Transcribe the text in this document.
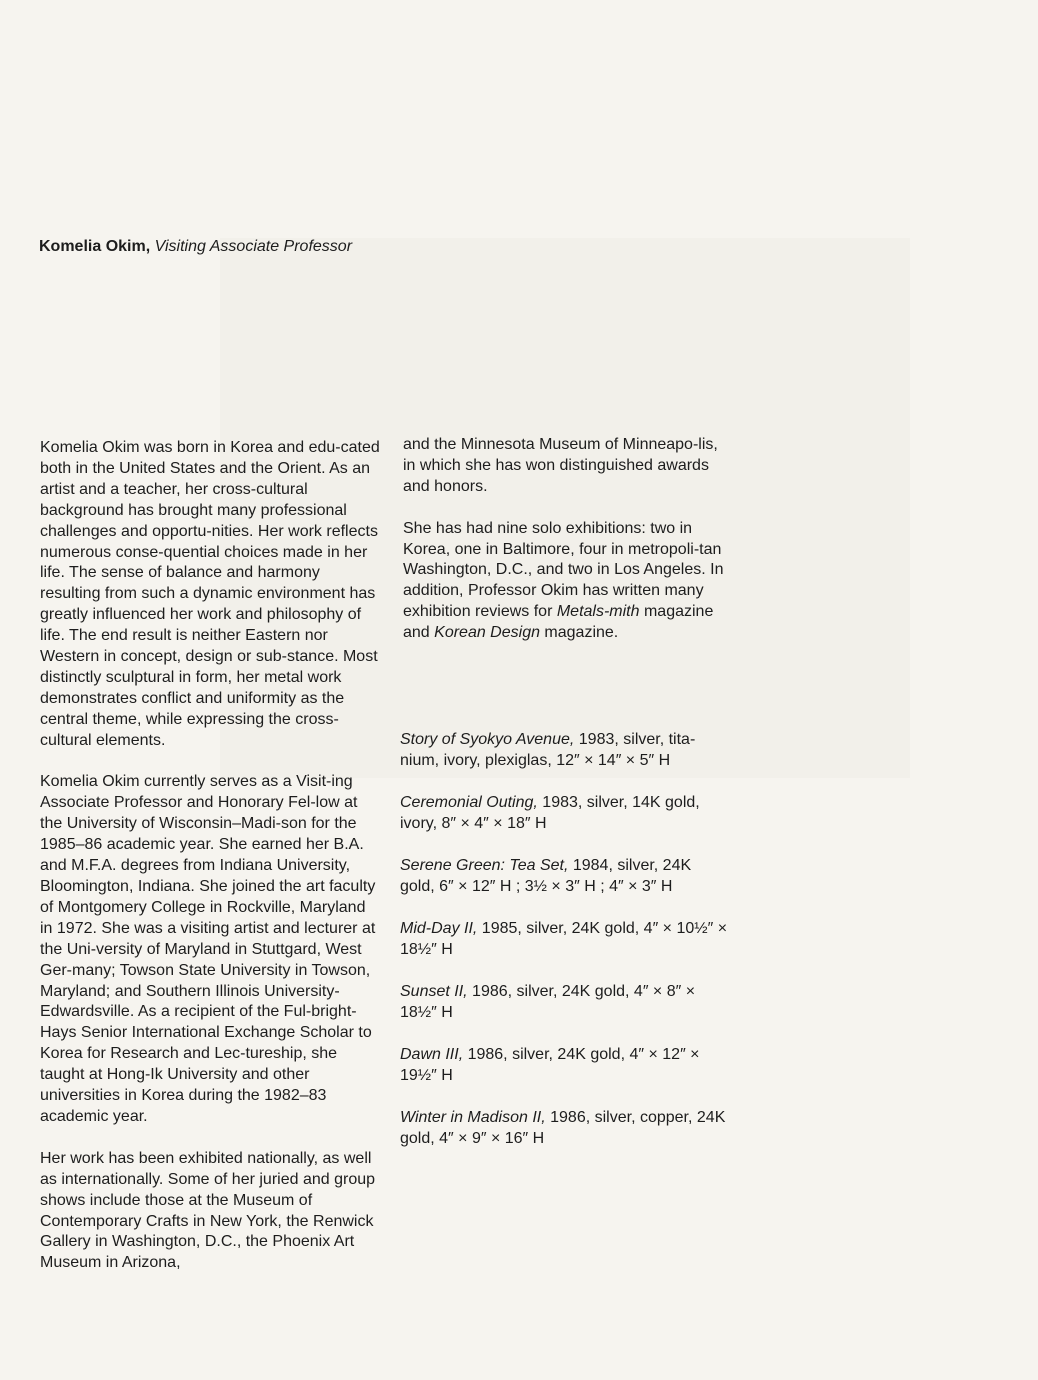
Komelia Okim, Visiting Associate Professor

Komelia Okim was born in Korea and edu-cated both in the United States and the Orient. As an artist and a teacher, her cross-cultural background has brought many professional challenges and opportu-nities. Her work reflects numerous conse-quential choices made in her life. The sense of balance and harmony resulting from such a dynamic environment has greatly influenced her work and philosophy of life. The end result is neither Eastern nor Western in concept, design or sub-stance. Most distinctly sculptural in form, her metal work demonstrates conflict and uniformity as the central theme, while expressing the cross-cultural elements.

Komelia Okim currently serves as a Visit-ing Associate Professor and Honorary Fel-low at the University of Wisconsin–Madi-son for the 1985–86 academic year. She earned her B.A. and M.F.A. degrees from Indiana University, Bloomington, Indiana. She joined the art faculty of Montgomery College in Rockville, Maryland in 1972. She was a visiting artist and lecturer at the Uni-versity of Maryland in Stuttgard, West Ger-many; Towson State University in Towson, Maryland; and Southern Illinois University-Edwardsville. As a recipient of the Ful-bright-Hays Senior International Exchange Scholar to Korea for Research and Lec-tureship, she taught at Hong-Ik University and other universities in Korea during the 1982–83 academic year.

Her work has been exhibited nationally, as well as internationally. Some of her juried and group shows include those at the Museum of Contemporary Crafts in New York, the Renwick Gallery in Washington, D.C., the Phoenix Art Museum in Arizona,

and the Minnesota Museum of Minneapo-lis, in which she has won distinguished awards and honors.

She has had nine solo exhibitions: two in Korea, one in Baltimore, four in metropoli-tan Washington, D.C., and two in Los Angeles. In addition, Professor Okim has written many exhibition reviews for Metals-mith magazine and Korean Design magazine.

Story of Syokyo Avenue, 1983, silver, tita-nium, ivory, plexiglas, 12″ × 14″ × 5″ H
Ceremonial Outing, 1983, silver, 14K gold, ivory, 8″ × 4″ × 18″ H
Serene Green: Tea Set, 1984, silver, 24K gold, 6″ × 12″ H ; 3½ × 3″ H ; 4″ × 3″ H
Mid-Day II, 1985, silver, 24K gold, 4″ × 10½″ × 18½″ H
Sunset II, 1986, silver, 24K gold, 4″ × 8″ × 18½″ H
Dawn III, 1986, silver, 24K gold, 4″ × 12″ × 19½″ H
Winter in Madison II, 1986, silver, copper, 24K gold, 4″ × 9″ × 16″ H
